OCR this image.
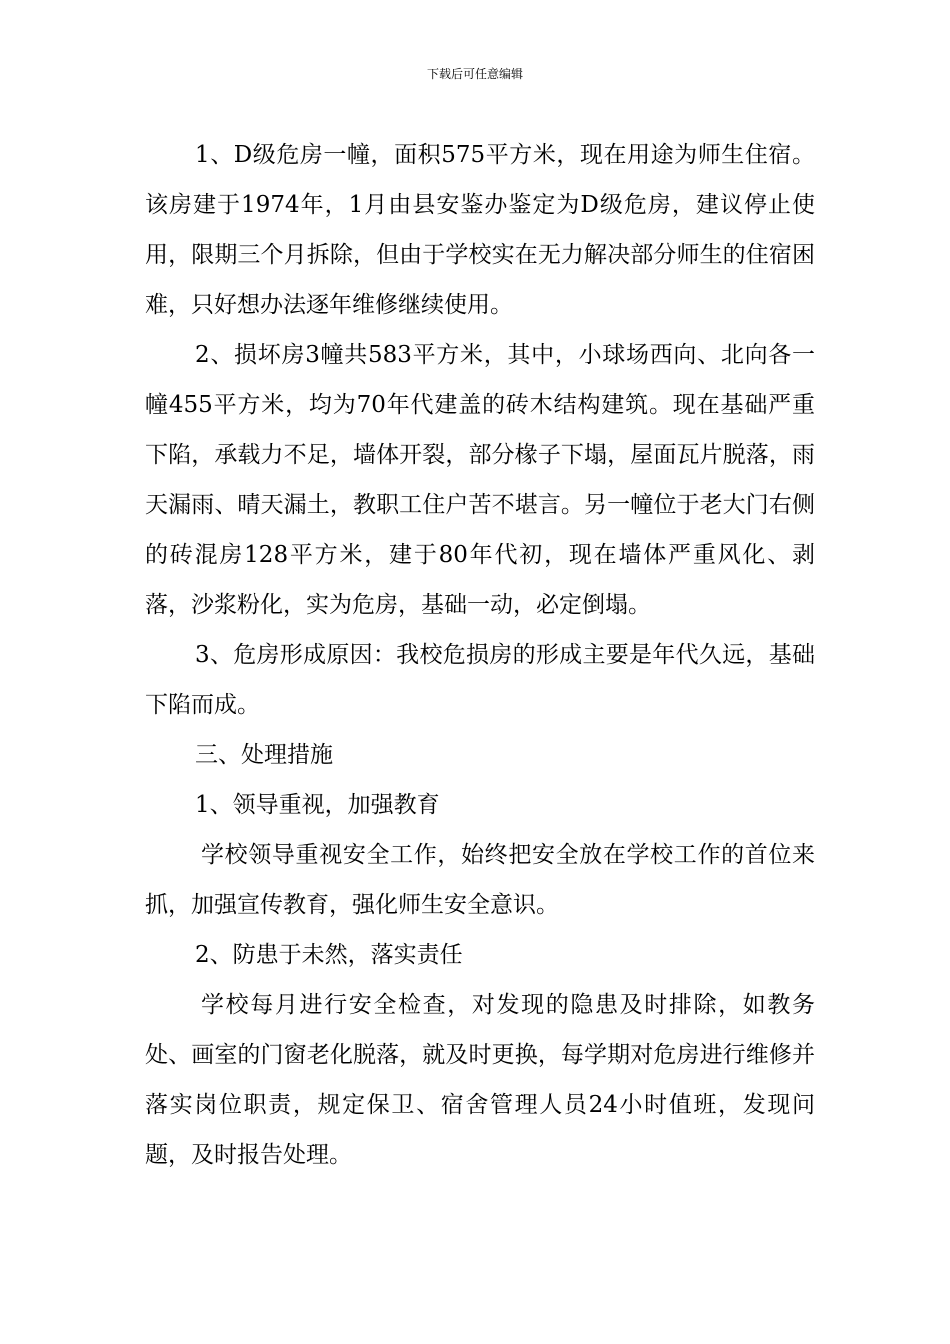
下载后可任意编辑

1、D级危房一幢，面积575平方米，现在用途为师生住宿。该房建于1974年，1月由县安鉴办鉴定为D级危房，建议停止使用，限期三个月拆除，但由于学校实在无力解决部分师生的住宿困难，只好想办法逐年维修继续使用。

2、损坏房3幢共583平方米，其中，小球场西向、北向各一幢455平方米，均为70年代建盖的砖木结构建筑。现在基础严重下陷，承载力不足，墙体开裂，部分椽子下塌，屋面瓦片脱落，雨天漏雨、晴天漏土，教职工住户苦不堪言。另一幢位于老大门右侧的砖混房128平方米，建于80年代初，现在墙体严重风化、剥落，沙浆粉化，实为危房，基础一动，必定倒塌。

3、危房形成原因：我校危损房的形成主要是年代久远，基础下陷而成。

三、处理措施

1、领导重视，加强教育

学校领导重视安全工作，始终把安全放在学校工作的首位来抓，加强宣传教育，强化师生安全意识。

2、防患于未然，落实责任

学校每月进行安全检查，对发现的隐患及时排除，如教务处、画室的门窗老化脱落，就及时更换，每学期对危房进行维修并落实岗位职责，规定保卫、宿舍管理人员24小时值班，发现问题，及时报告处理。
